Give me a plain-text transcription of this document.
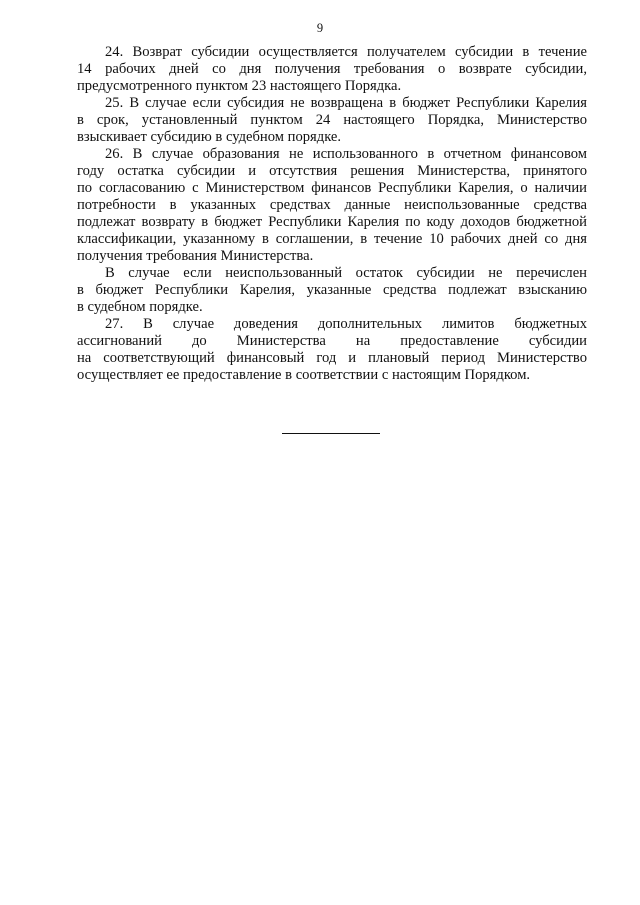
9
24. Возврат субсидии осуществляется получателем субсидии в течение
14 рабочих дней со дня получения требования о возврате субсидии,
предусмотренного пунктом 23 настоящего Порядка.
25. В случае если субсидия не возвращена в бюджет Республики Карелия
в срок, установленный пунктом 24 настоящего Порядка, Министерство
взыскивает субсидию в судебном порядке.
26. В случае образования не использованного в отчетном финансовом
году остатка субсидии и отсутствия решения Министерства, принятого
по согласованию с Министерством финансов Республики Карелия, о наличии
потребности в указанных средствах данные неиспользованные средства
подлежат возврату в бюджет Республики Карелия по коду доходов бюджетной
классификации, указанному в соглашении, в течение 10 рабочих дней со дня
получения требования Министерства.
В случае если неиспользованный остаток субсидии не перечислен
в бюджет Республики Карелия, указанные средства подлежат взысканию
в судебном порядке.
27. В случае доведения дополнительных лимитов бюджетных
ассигнований до Министерства на предоставление субсидии
на соответствующий финансовый год и плановый период Министерство
осуществляет ее предоставление в соответствии с настоящим Порядком.
